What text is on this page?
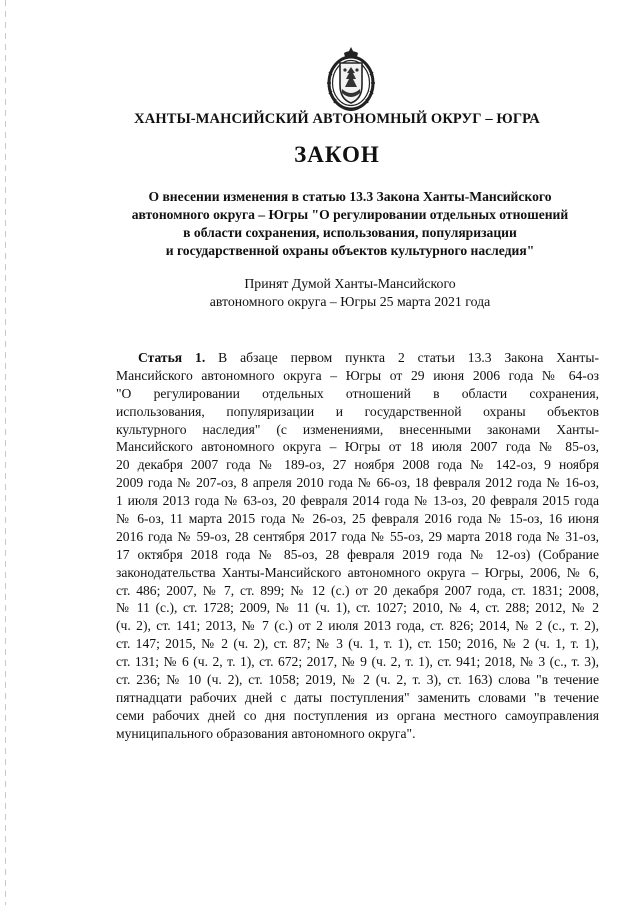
ХАНТЫ-МАНСИЙСКИЙ АВТОНОМНЫЙ ОКРУГ – ЮГРА
ЗАКОН
О внесении изменения в статью 13.3 Закона Ханты-Мансийского
автономного округа – Югры "О регулировании отдельных отношений
в области сохранения, использования, популяризации
и государственной охраны объектов культурного наследия"
Принят Думой Ханты-Мансийского
автономного округа – Югры 25 марта 2021 года
Статья 1. В абзаце первом пункта 2 статьи 13.3 Закона Ханты-
Мансийского автономного округа – Югры от 29 июня 2006 года № 64-оз
"О регулировании отдельных отношений в области сохранения,
использования, популяризации и государственной охраны объектов
культурного наследия" (с изменениями, внесенными законами Ханты-
Мансийского автономного округа – Югры от 18 июля 2007 года № 85-оз,
20 декабря 2007 года № 189-оз, 27 ноября 2008 года № 142-оз, 9 ноября
2009 года № 207-оз, 8 апреля 2010 года № 66-оз, 18 февраля 2012 года № 16-оз,
1 июля 2013 года № 63-оз, 20 февраля 2014 года № 13-оз, 20 февраля 2015 года
№ 6-оз, 11 марта 2015 года № 26-оз, 25 февраля 2016 года № 15-оз, 16 июня
2016 года № 59-оз, 28 сентября 2017 года № 55-оз, 29 марта 2018 года № 31-оз,
17 октября 2018 года № 85-оз, 28 февраля 2019 года № 12-оз) (Собрание
законодательства Ханты-Мансийского автономного округа – Югры, 2006, № 6,
ст. 486; 2007, № 7, ст. 899; № 12 (с.) от 20 декабря 2007 года, ст. 1831; 2008,
№ 11 (с.), ст. 1728; 2009, № 11 (ч. 1), ст. 1027; 2010, № 4, ст. 288; 2012, № 2
(ч. 2), ст. 141; 2013, № 7 (с.) от 2 июля 2013 года, ст. 826; 2014, № 2 (с., т. 2),
ст. 147; 2015, № 2 (ч. 2), ст. 87; № 3 (ч. 1, т. 1), ст. 150; 2016, № 2 (ч. 1, т. 1),
ст. 131; № 6 (ч. 2, т. 1), ст. 672; 2017, № 9 (ч. 2, т. 1), ст. 941; 2018, № 3 (с., т. 3),
ст. 236; № 10 (ч. 2), ст. 1058; 2019, № 2 (ч. 2, т. 3), ст. 163) слова "в течение
пятнадцати рабочих дней с даты поступления" заменить словами "в течение
семи рабочих дней со дня поступления из органа местного самоуправления
муниципального образования автономного округа".
